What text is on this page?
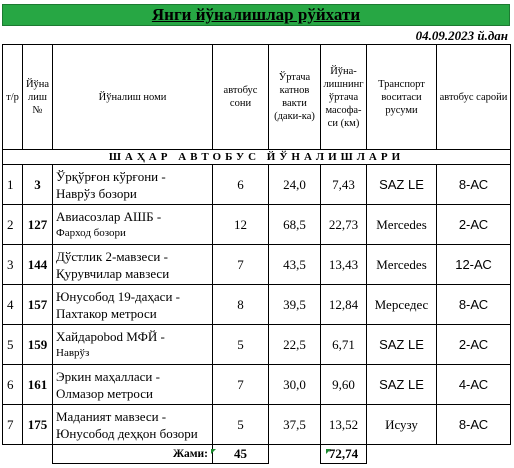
Янги йўналишлар рўйхати
04.09.2023 й.дан
т/р	Йўна лиш №	Йўналиш номи	автобус сони	Ўртача катнов вакти (даки-ка)	Йўна-лишнинг ўртача масофа-си (км)	Транспорт воситаси русуми	автобус саройи
ШАҲАР АВТОБУС ЙЎНАЛИШЛАРИ							
1	3	Ўрқўрғон кўрғони -
Наврўз бозори	6	24,0	7,43	SAZ LE	8-АС
2	127	Авиасозлар АШБ -
Фарход бозори	12	68,5	22,73	Mercedes	2-АС
3	144	Дўстлик 2-мавзеси -
Қурувчилар мавзеси	7	43,5	13,43	Mercedes	12-АС
4	157	Юнусобод 19-даҳаси -
Пахтакор метроси	8	39,5	12,84	Мерседес	8-АС
5	159	Хайдарobod МФЙ -
Наврўз	5	22,5	6,71	SAZ LE	2-АС
6	161	Эркин маҳалласи -
Олмазор метроси	7	30,0	9,60	SAZ LE	4-АС
7	175	Маданият мавзеси -
Юнусобод деҳқон бозори	5	37,5	13,52	Исузу	8-АС
		Жами:	45		72,74		
